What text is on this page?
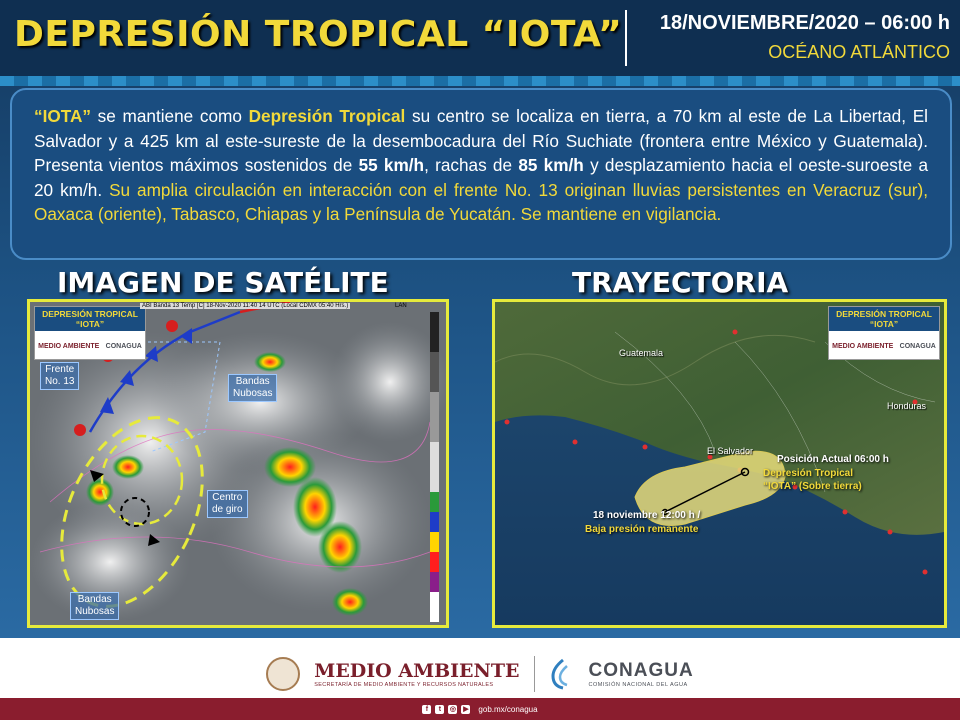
DEPRESIÓN TROPICAL “IOTA” 18/NOVIEMBRE/2020 – 06:00 h
OCÉANO ATLÁNTICO

“IOTA” se mantiene como Depresión Tropical su centro se localiza en tierra, a 70 km al este de La Libertad, El Salvador y a 425 km al este-sureste de la desembocadura del Río Suchiate (frontera entre México y Guatemala). Presenta vientos máximos sostenidos de 55 km/h, rachas de 85 km/h y desplazamiento hacia el oeste-suroeste a 20 km/h. Su amplia circulación en interacción con el frente No. 13 originan lluvias persistentes en Veracruz (sur), Oaxaca (oriente), Tabasco, Chiapas y la Península de Yucatán. Se mantiene en vigilancia.

IMAGEN DE SATÉLITE	TRAYECTORIA
DEPRESIÓN TROPICAL
“IOTA”
MEDIO AMBIENTE CONAGUA
ABI Banda 13 Temp [C] 18-Nov-2020 11:40 14 UTC (Local CDMX 05:40 Hrs.)	LAN
Frente
No. 13	Bandas
Nubosas
Centro
de giro
Bandas
Nubosas
DEPRESIÓN TROPICAL
“IOTA”
MEDIO AMBIENTE CONAGUA
Guatemala
Honduras
El Salvador
Posición Actual 06:00 h
Depresión Tropical
“IOTA” (Sobre tierra)
18 noviembre 12:00 h /
Baja presión remanente
MEDIO AMBIENTE
SECRETARÍA DE MEDIO AMBIENTE Y RECURSOS NATURALES
CONAGUA
COMISIÓN NACIONAL DEL AGUA
f	t	◎ ▶ gob.mx/conagua
